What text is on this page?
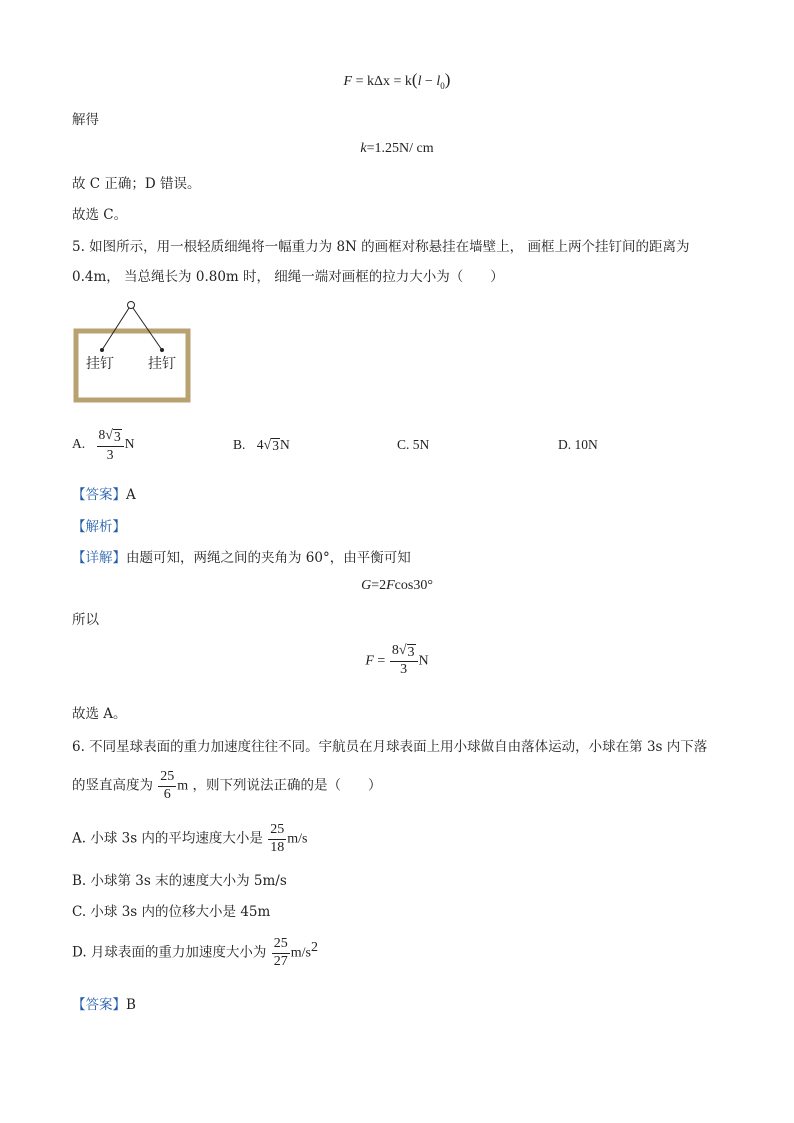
$F = k\Delta x = k(l - l_0)$
解得
k=1.25N/ cm
故 C 正确；D 错误。
故选 C。
5. 如图所示，用一根轻质细绳将一幅重力为 8N 的画框对称悬挂在墙壁上， 画框上两个挂钉间的距离为
0.4m， 当总绳长为 0.80m 时， 细绳一端对画框的拉力大小为（　　）
挂钉 挂钉
A. $\frac{8 √ 3}{3}$ N	B. 4 √ 3 N	C. 5N	D. 10N
【答案】A
【解析】
【详解】由题可知，两绳之间的夹角为 60°，由平衡可知
G=2Fcos30°
所以
$F = \frac{8 √ 3}{3}$ N
故选 A。
6. 不同星球表面的重力加速度往往不同。宇航员在月球表面上用小球做自由落体运动，小球在第 3s 内下落
的竖直高度为 $\frac{25}{6}$ m ，则下列说法正确的是（　　）
A. 小球 3s 内的平均速度大小是 $\frac{25}{18} m/s$
B. 小球第 3s 末的速度大小为 5m/s
C. 小球 3s 内的位移大小是 45m
D. 月球表面的重力加速度大小为 $\frac{25}{27} m/s^2$
【答案】B
